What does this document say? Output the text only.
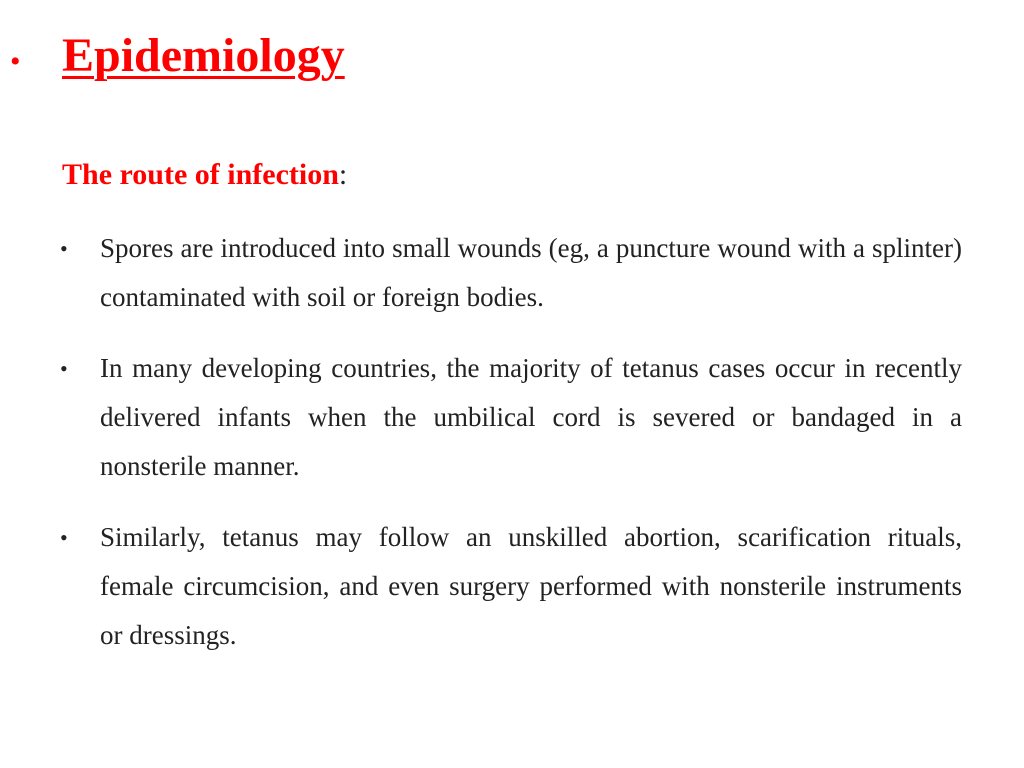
• Epidemiology
The route of infection:
•	Spores are introduced into small wounds (eg, a puncture wound with a splinter) contaminated with soil or foreign bodies.
•	In many developing countries, the majority of tetanus cases occur in recently delivered infants when the umbilical cord is severed or bandaged in a nonsterile manner.
•	Similarly, tetanus may follow an unskilled abortion, scarification rituals, female circumcision, and even surgery performed with nonsterile instruments or dressings.
